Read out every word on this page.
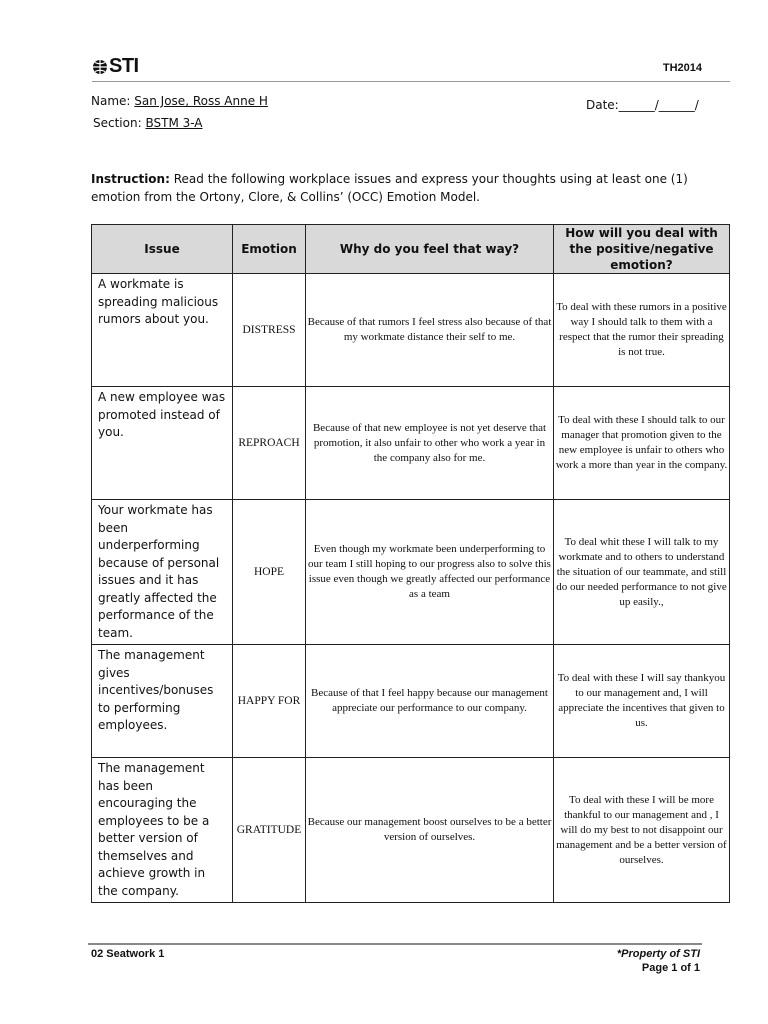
STI	TH2014
Name: San Jose, Ross Anne H
Section: BSTM 3-A
Date:______/______/
Instruction: Read the following workplace issues and express your thoughts using at least one (1) emotion from the Ortony, Clore, & Collins’ (OCC) Emotion Model.
Issue	Emotion	Why do you feel that way?	How will you deal with the positive/negative emotion?
A workmate is spreading malicious rumors about you.	DISTRESS	Because of that rumors I feel stress also because of that my workmate distance their self to me.	To deal with these rumors in a positive way I should talk to them with a respect that the rumor their spreading is not true.
A new employee was promoted instead of you.	REPROACH	Because of that new employee is not yet deserve that promotion, it also unfair to other who work a year in the company also for me.	To deal with these I should talk to our manager that promotion given to the new employee is unfair to others who work a more than year in the company.
Your workmate has been underperforming because of personal issues and it has greatly affected the performance of the team.	HOPE	Even though my workmate been underperforming to our team I still hoping to our progress also to solve this issue even though we greatly affected our performance as a team	To deal whit these I will talk to my workmate and to others to understand the situation of our teammate, and still do our needed performance to not give up easily.,
The management gives incentives/bonuses to performing employees.	HAPPY FOR	Because of that I feel happy because our management appreciate our performance to our company.	To deal with these I will say thankyou to our management and, I will appreciate the incentives that given to us.
The management has been encouraging the employees to be a better version of themselves and achieve growth in the company.	GRATITUDE	Because our management boost ourselves to be a better version of ourselves.	To deal with these I will be more thankful to our management and , I will do my best to not disappoint our management and be a better version of ourselves.
02 Seatwork 1	*Property of STI
Page 1 of 1
